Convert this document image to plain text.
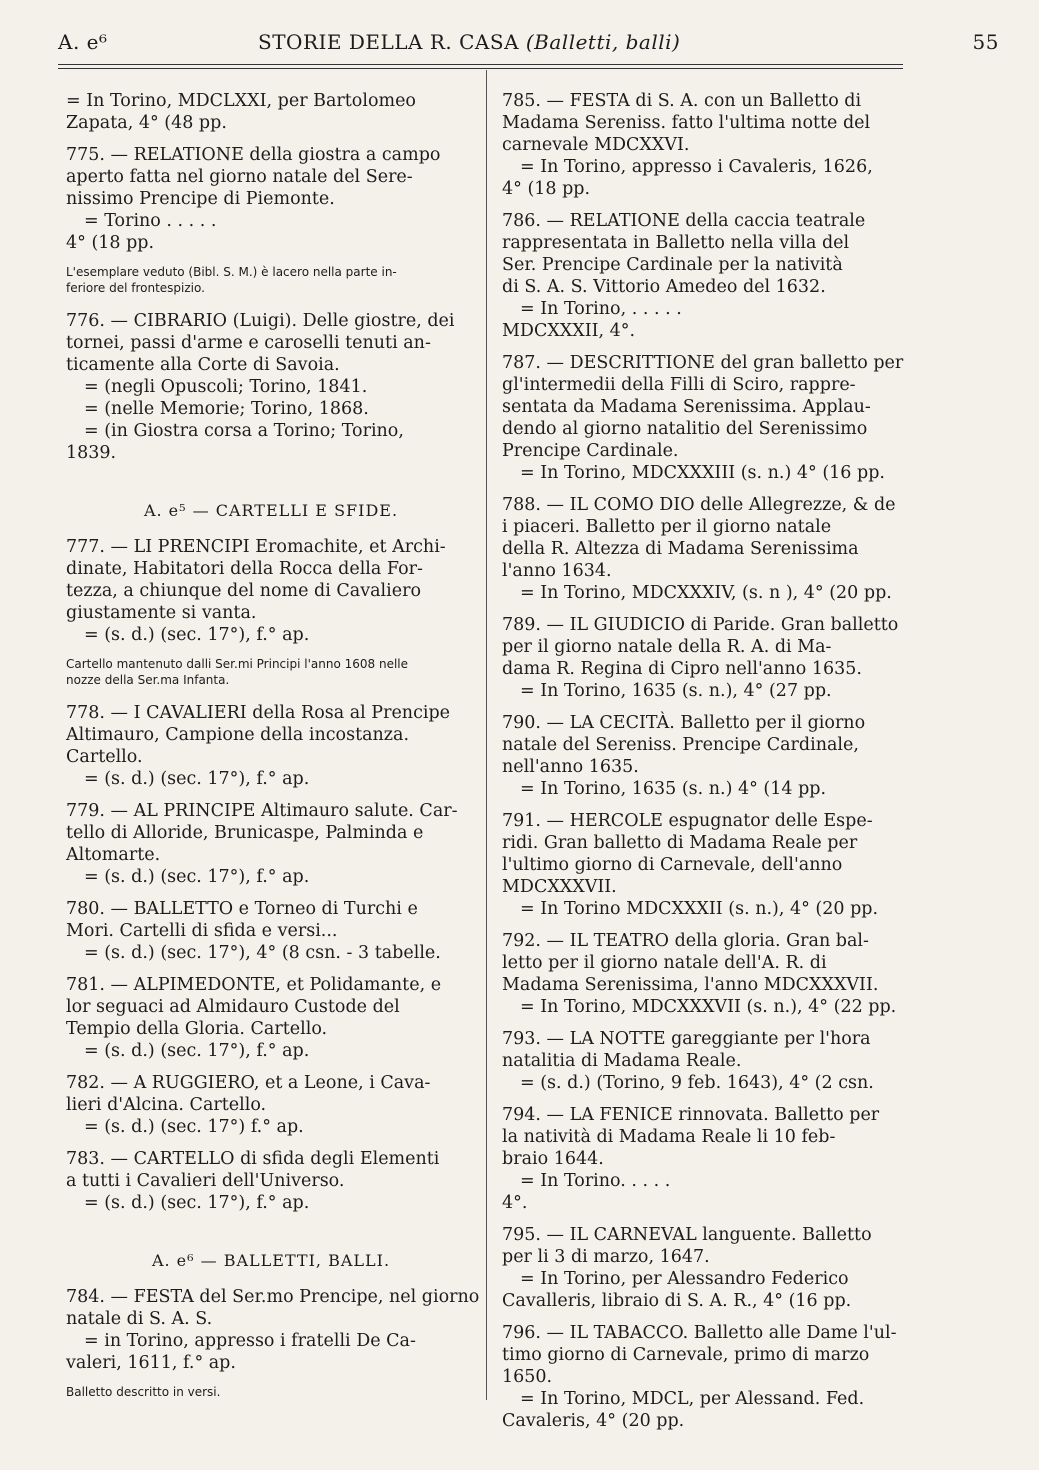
A. e⁶	STORIE DELLA R. CASA (Balletti, balli)	55
= In Torino, MDCLXXI, per Bartolomeo
Zapata, 4° (48 pp.
775. — RELATIONE della giostra a campo
aperto fatta nel giorno natale del Sere-
nissimo Prencipe di Piemonte.
= Torino . . . . .
4° (18 pp.
L'esemplare veduto (Bibl. S. M.) è lacero nella parte in-
feriore del frontespizio.
776. — CIBRARIO (Luigi). Delle giostre, dei
tornei, passi d'arme e caroselli tenuti an-
ticamente alla Corte di Savoia.
= (negli Opuscoli; Torino, 1841.
= (nelle Memorie; Torino, 1868.
= (in Giostra corsa a Torino; Torino,
1839.
A. e⁵ — CARTELLI E SFIDE.
777. — LI PRENCIPI Eromachite, et Archi-
dinate, Habitatori della Rocca della For-
tezza, a chiunque del nome di Cavaliero
giustamente si vanta.
= (s. d.) (sec. 17°), f.° ap.
Cartello mantenuto dalli Ser.mi Principi l'anno 1608 nelle
nozze della Ser.ma Infanta.
778. — I CAVALIERI della Rosa al Prencipe
Altimauro, Campione della incostanza.
Cartello.
= (s. d.) (sec. 17°), f.° ap.
779. — AL PRINCIPE Altimauro salute. Car-
tello di Alloride, Brunicaspe, Palminda e
Altomarte.
= (s. d.) (sec. 17°), f.° ap.
780. — BALLETTO e Torneo di Turchi e
Mori. Cartelli di sfida e versi...
= (s. d.) (sec. 17°), 4° (8 csn. - 3 tabelle.
781. — ALPIMEDONTE, et Polidamante, e
lor seguaci ad Almidauro Custode del
Tempio della Gloria. Cartello.
= (s. d.) (sec. 17°), f.° ap.
782. — A RUGGIERO, et a Leone, i Cava-
lieri d'Alcina. Cartello.
= (s. d.) (sec. 17°) f.° ap.
783. — CARTELLO di sfida degli Elementi
a tutti i Cavalieri dell'Universo.
= (s. d.) (sec. 17°), f.° ap.
A. e⁶ — BALLETTI, BALLI.
784. — FESTA del Ser.mo Prencipe, nel giorno
natale di S. A. S.
= in Torino, appresso i fratelli De Ca-
valeri, 1611, f.° ap.
Balletto descritto in versi.
785. — FESTA di S. A. con un Balletto di
Madama Sereniss. fatto l'ultima notte del
carnevale MDCXXVI.
= In Torino, appresso i Cavaleris, 1626,
4° (18 pp.
786. — RELATIONE della caccia teatrale
rappresentata in Balletto nella villa del
Ser. Prencipe Cardinale per la natività
di S. A. S. Vittorio Amedeo del 1632.
= In Torino, . . . . .
MDCXXXII, 4°.
787. — DESCRITTIONE del gran balletto per
gl'intermedii della Filli di Sciro, rappre-
sentata da Madama Serenissima. Applau-
dendo al giorno natalitio del Serenissimo
Prencipe Cardinale.
= In Torino, MDCXXXIII (s. n.) 4° (16 pp.
788. — IL COMO DIO delle Allegrezze, & de
i piaceri. Balletto per il giorno natale
della R. Altezza di Madama Serenissima
l'anno 1634.
= In Torino, MDCXXXIV, (s. n ), 4° (20 pp.
789. — IL GIUDICIO di Paride. Gran balletto
per il giorno natale della R. A. di Ma-
dama R. Regina di Cipro nell'anno 1635.
= In Torino, 1635 (s. n.), 4° (27 pp.
790. — LA CECITÀ. Balletto per il giorno
natale del Sereniss. Prencipe Cardinale,
nell'anno 1635.
= In Torino, 1635 (s. n.) 4° (14 pp.
791. — HERCOLE espugnator delle Espe-
ridi. Gran balletto di Madama Reale per
l'ultimo giorno di Carnevale, dell'anno
MDCXXXVII.
= In Torino MDCXXXII (s. n.), 4° (20 pp.
792. — IL TEATRO della gloria. Gran bal-
letto per il giorno natale dell'A. R. di
Madama Serenissima, l'anno MDCXXXVII.
= In Torino, MDCXXXVII (s. n.), 4° (22 pp.
793. — LA NOTTE gareggiante per l'hora
natalitia di Madama Reale.
= (s. d.) (Torino, 9 feb. 1643), 4° (2 csn.
794. — LA FENICE rinnovata. Balletto per
la natività di Madama Reale li 10 feb-
braio 1644.
= In Torino. . . . .
4°.
795. — IL CARNEVAL languente. Balletto
per li 3 di marzo, 1647.
= In Torino, per Alessandro Federico
Cavalleris, libraio di S. A. R., 4° (16 pp.
796. — IL TABACCO. Balletto alle Dame l'ul-
timo giorno di Carnevale, primo di marzo
1650.
= In Torino, MDCL, per Alessand. Fed.
Cavaleris, 4° (20 pp.
